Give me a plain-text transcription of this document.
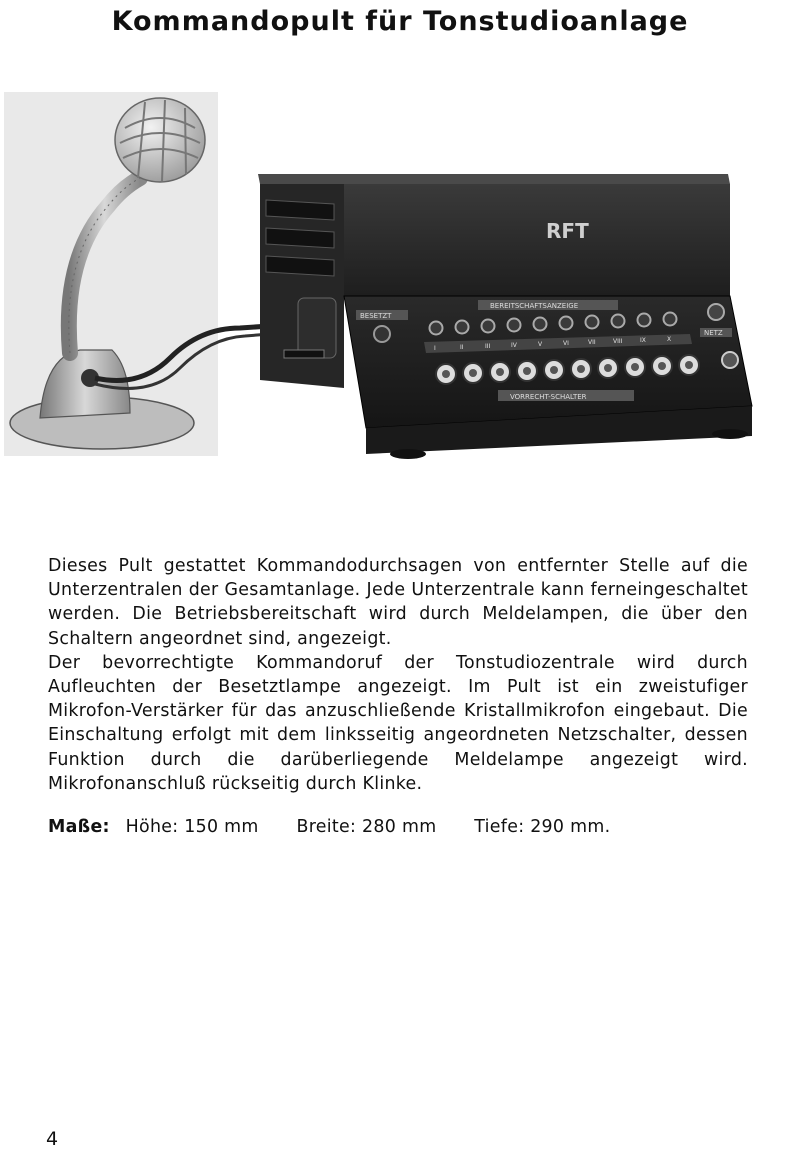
Kommandopult für Tonstudioanlage
RFT
BESETZT
BEREITSCHAFTSANZEIGE
NETZ
VORRECHT-SCHALTER
I	II	III	IV	V	VI	VII	VIII	IX	X

Dieses Pult gestattet Kommandodurchsagen von entfernter Stelle auf die Unterzentralen der Gesamtanlage. Jede Unterzentrale kann ferneingeschaltet werden. Die Betriebsbereitschaft wird durch Meldelampen, die über den Schaltern angeordnet sind, angezeigt.

Der bevorrechtigte Kommandoruf der Tonstudiozentrale wird durch Aufleuchten der Besetztlampe angezeigt. Im Pult ist ein zweistufiger Mikrofon-Verstärker für das anzuschließende Kristallmikrofon eingebaut. Die Einschaltung erfolgt mit dem linksseitig angeordneten Netzschalter, dessen Funktion durch die darüberliegende Meldelampe angezeigt wird. Mikrofonanschluß rückseitig durch Klinke.

Maße: Höhe: 150 mm Breite: 280 mm Tiefe: 290 mm.
4
